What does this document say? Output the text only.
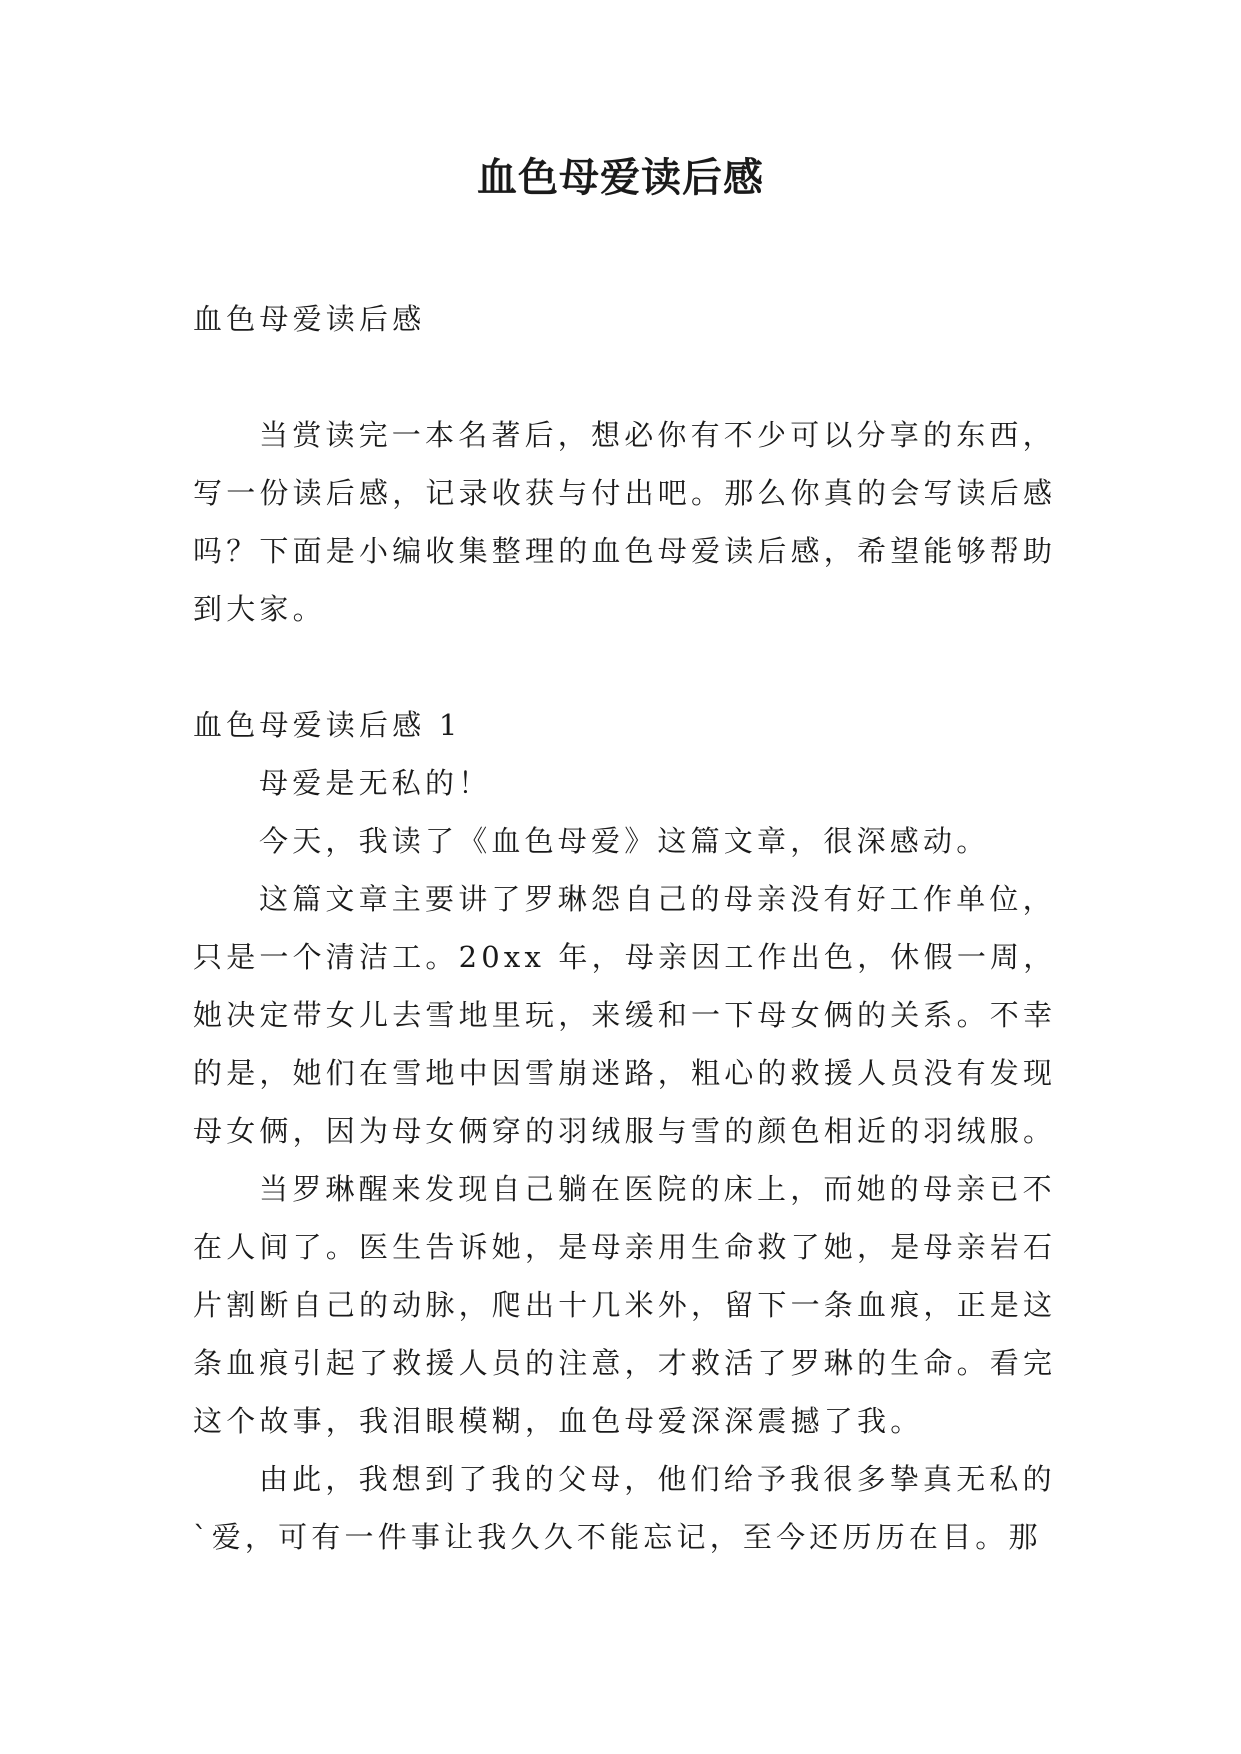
血色母爱读后感

血色母爱读后感

当赏读完一本名著后，想必你有不少可以分享的东西，写一份读后感，记录收获与付出吧。那么你真的会写读后感吗？下面是小编收集整理的血色母爱读后感，希望能够帮助到大家。

血色母爱读后感 1

母爱是无私的！

今天，我读了《血色母爱》这篇文章，很深感动。

这篇文章主要讲了罗琳怨自己的母亲没有好工作单位，只是一个清洁工。20xx 年，母亲因工作出色，休假一周，她决定带女儿去雪地里玩，来缓和一下母女俩的关系。不幸的是，她们在雪地中因雪崩迷路，粗心的救援人员没有发现母女俩，因为母女俩穿的羽绒服与雪的颜色相近的羽绒服。

当罗琳醒来发现自己躺在医院的床上，而她的母亲已不在人间了。医生告诉她，是母亲用生命救了她，是母亲岩石片割断自己的动脉，爬出十几米外，留下一条血痕，正是这条血痕引起了救援人员的注意，才救活了罗琳的生命。看完这个故事，我泪眼模糊，血色母爱深深震撼了我。

由此，我想到了我的父母，他们给予我很多挚真无私的`爱，可有一件事让我久久不能忘记，至今还历历在目。那
